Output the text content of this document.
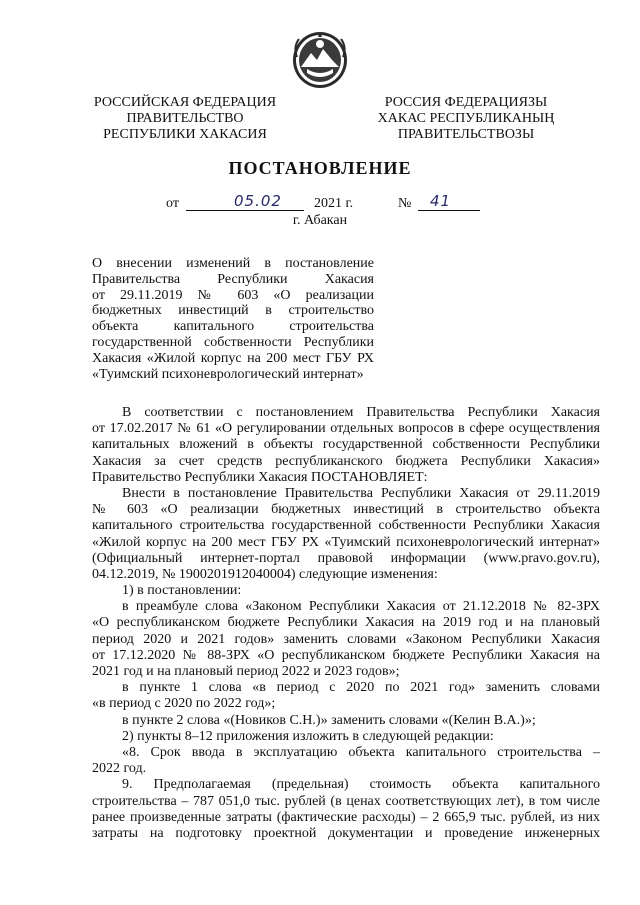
РОССИЙСКАЯ ФЕДЕРАЦИЯ
ПРАВИТЕЛЬСТВО
РЕСПУБЛИКИ ХАКАСИЯ
РОССИЯ ФЕДЕРАЦИЯЗЫ
ХАКАС РЕСПУБЛИКАНЫҢ
ПРАВИТЕЛЬСТВОЗЫ
ПОСТАНОВЛЕНИЕ
от	05.02 2021 г.	№ 41
г. Абакан
О внесении изменений в постановление
Правительства Республики Хакасия
от 29.11.2019 № 603 «О реализации
бюджетных инвестиций в строительство
объекта капитального строительства
государственной собственности Республики
Хакасия «Жилой корпус на 200 мест ГБУ РХ
«Туимский психоневрологический интернат»
В соответствии с постановлением Правительства Республики Хакасия
от 17.02.2017 № 61 «О регулировании отдельных вопросов в сфере осуществления
капитальных вложений в объекты государственной собственности Республики
Хакасия за счет средств республиканского бюджета Республики Хакасия»
Правительство Республики Хакасия ПОСТАНОВЛЯЕТ:
Внести в постановление Правительства Республики Хакасия от 29.11.2019
№ 603 «О реализации бюджетных инвестиций в строительство объекта
капитального строительства государственной собственности Республики Хакасия
«Жилой корпус на 200 мест ГБУ РХ «Туимский психоневрологический интернат»
(Официальный интернет-портал правовой информации (www.pravo.gov.ru),
04.12.2019, № 1900201912040004) следующие изменения:
1) в постановлении:
в преамбуле слова «Законом Республики Хакасия от 21.12.2018 № 82-ЗРХ
«О республиканском бюджете Республики Хакасия на 2019 год и на плановый
период 2020 и 2021 годов» заменить словами «Законом Республики Хакасия
от 17.12.2020 № 88-ЗРХ «О республиканском бюджете Республики Хакасия на
2021 год и на плановый период 2022 и 2023 годов»;
в пункте 1 слова «в период с 2020 по 2021 год» заменить словами
«в период с 2020 по 2022 год»;
в пункте 2 слова «(Новиков С.Н.)» заменить словами «(Келин В.А.)»;
2) пункты 8–12 приложения изложить в следующей редакции:
«8. Срок ввода в эксплуатацию объекта капитального строительства –
2022 год.
9. Предполагаемая (предельная) стоимость объекта капитального
строительства – 787 051,0 тыс. рублей (в ценах соответствующих лет), в том числе
ранее произведенные затраты (фактические расходы) – 2 665,9 тыс. рублей, из них
затраты на подготовку проектной документации и проведение инженерных
